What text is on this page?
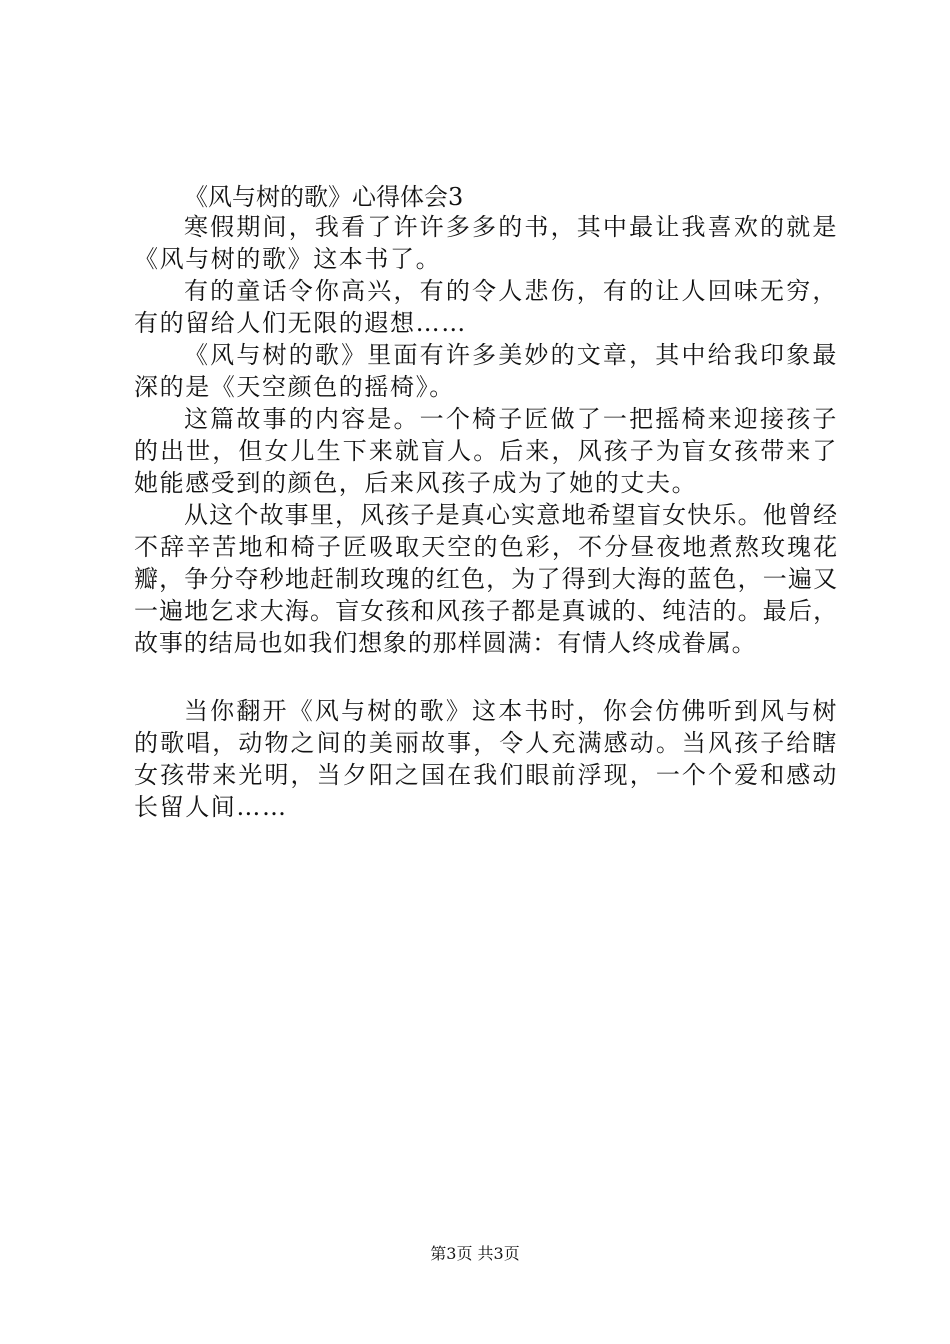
《风与树的歌》心得体会3

寒假期间，我看了许许多多的书，其中最让我喜欢的就是《风与树的歌》这本书了。

有的童话令你高兴，有的令人悲伤，有的让人回味无穷，有的留给人们无限的遐想……

《风与树的歌》里面有许多美妙的文章，其中给我印象最深的是《天空颜色的摇椅》。

这篇故事的内容是。一个椅子匠做了一把摇椅来迎接孩子的出世，但女儿生下来就盲人。后来，风孩子为盲女孩带来了她能感受到的颜色，后来风孩子成为了她的丈夫。

从这个故事里，风孩子是真心实意地希望盲女快乐。他曾经不辞辛苦地和椅子匠吸取天空的色彩，不分昼夜地煮熬玫瑰花瓣，争分夺秒地赶制玫瑰的红色，为了得到大海的蓝色，一遍又一遍地乞求大海。盲女孩和风孩子都是真诚的、纯洁的。最后，故事的结局也如我们想象的那样圆满：有情人终成眷属。

当你翻开《风与树的歌》这本书时，你会仿佛听到风与树的歌唱，动物之间的美丽故事，令人充满感动。当风孩子给瞎女孩带来光明，当夕阳之国在我们眼前浮现，一个个爱和感动长留人间……

第3页 共3页
